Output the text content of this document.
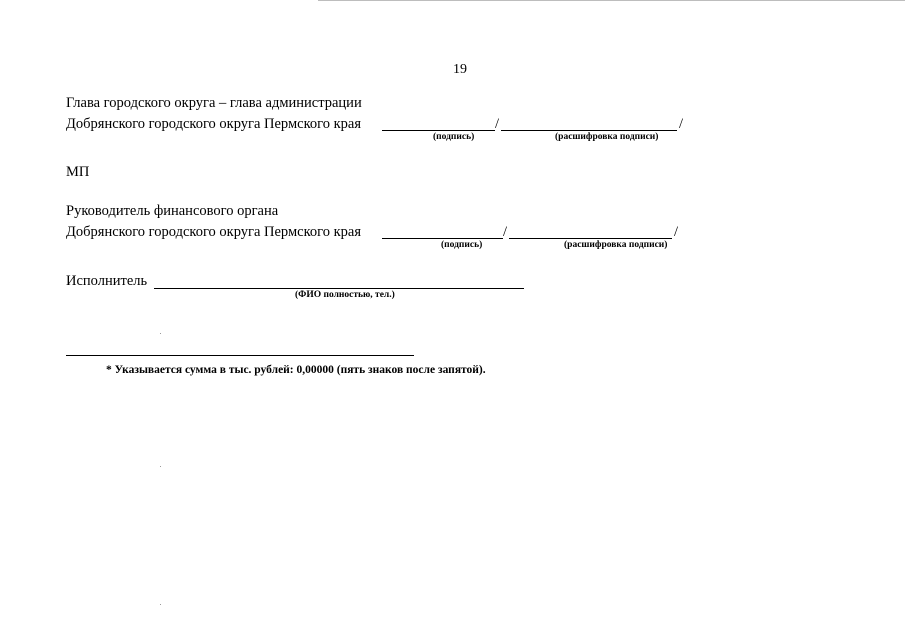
19
Глава городского округа – глава администрации
Добрянского городского округа Пермского края	/	/
(подпись)	(расшифровка подписи)
МП
Руководитель финансового органа
Добрянского городского округа Пермского края	/	/
(подпись)	(расшифровка подписи)
Исполнитель
(ФИО полностью, тел.)
* Указывается сумма в тыс. рублей: 0,00000 (пять знаков после запятой).
